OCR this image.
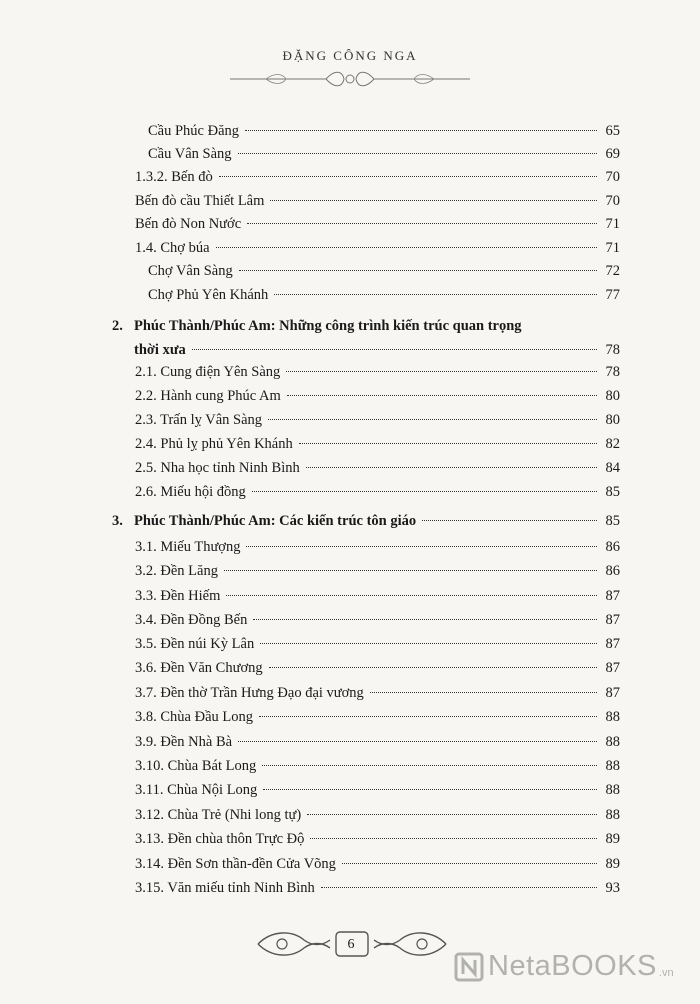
ĐẶNG CÔNG NGA
Cầu Phúc Đăng	65
Cầu Vân Sàng	69
1.3.2. Bến đò	70
Bến đò cầu Thiết Lâm	70
Bến đò Non Nước	71
1.4. Chợ búa	71
Chợ Vân Sàng	72
Chợ Phủ Yên Khánh	77
2. Phúc Thành/Phúc Am: Những công trình kiến trúc quan trọng
thời xưa	78
2.1. Cung điện Yên Sàng	78
2.2. Hành cung Phúc Am	80
2.3. Trấn lỵ Vân Sàng	80
2.4. Phủ lỵ phủ Yên Khánh	82
2.5. Nha học tỉnh Ninh Bình	84
2.6. Miếu hội đồng	85
3. Phúc Thành/Phúc Am: Các kiến trúc tôn giáo	85
3.1. Miếu Thượng	86
3.2. Đền Lăng	86
3.3. Đền Hiếm	87
3.4. Đền Đồng Bến	87
3.5. Đền núi Kỳ Lân	87
3.6. Đền Văn Chương	87
3.7. Đền thờ Trần Hưng Đạo đại vương	87
3.8. Chùa Đầu Long	88
3.9. Đền Nhà Bà	88
3.10. Chùa Bát Long	88
3.11. Chùa Nội Long	88
3.12. Chùa Trẻ (Nhi long tự)	88
3.13. Đền chùa thôn Trực Độ	89
3.14. Đền Sơn thần-đền Cửa Võng	89
3.15. Văn miếu tỉnh Ninh Bình	93
6
NetaBOOKS .vn
